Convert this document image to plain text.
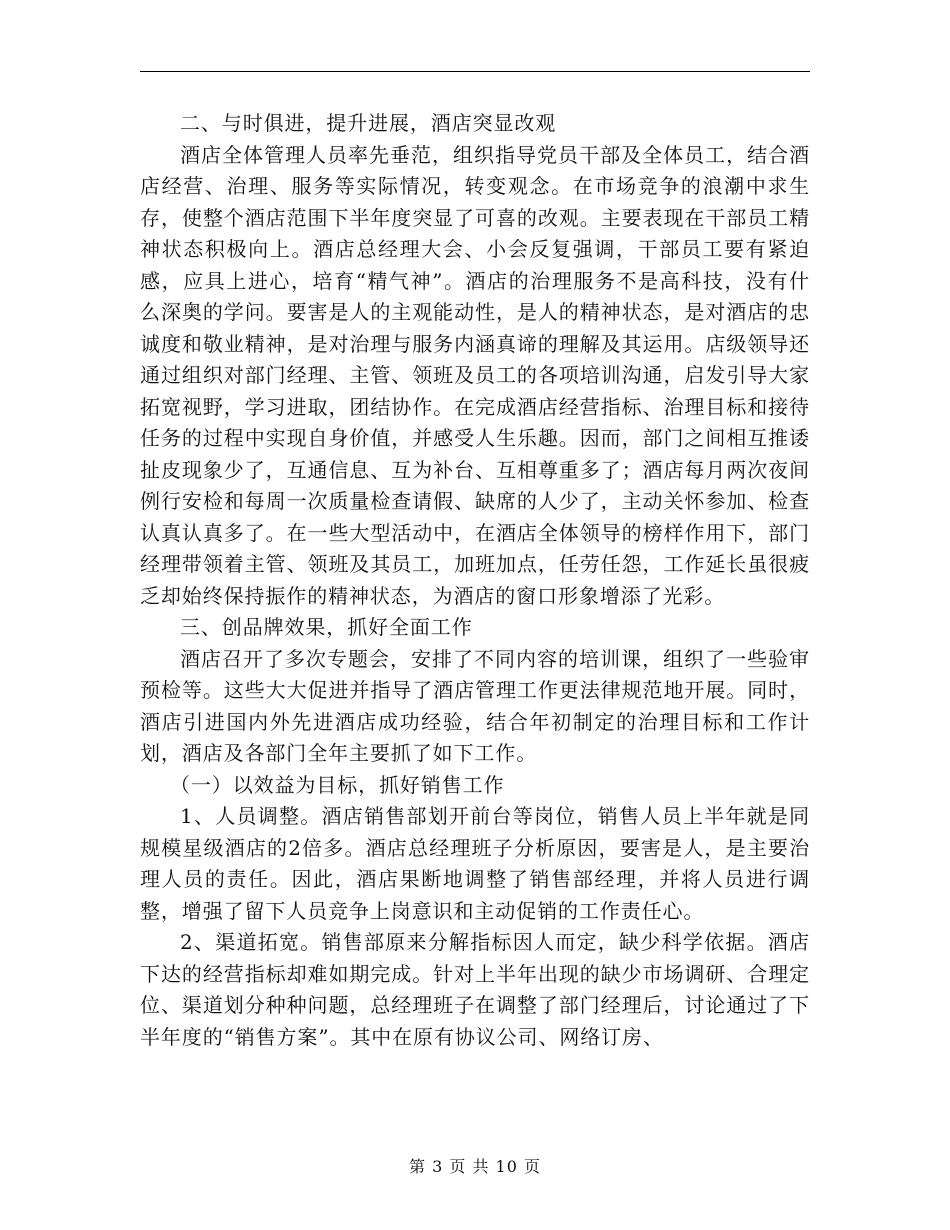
二、与时俱进，提升进展，酒店突显改观

酒店全体管理人员率先垂范，组织指导党员干部及全体员工，结合酒店经营、治理、服务等实际情况，转变观念。在市场竞争的浪潮中求生存，使整个酒店范围下半年度突显了可喜的改观。主要表现在干部员工精神状态积极向上。酒店总经理大会、小会反复强调，干部员工要有紧迫感，应具上进心，培育“精气神”。酒店的治理服务不是高科技，没有什么深奥的学问。要害是人的主观能动性，是人的精神状态，是对酒店的忠诚度和敬业精神，是对治理与服务内涵真谛的理解及其运用。店级领导还通过组织对部门经理、主管、领班及员工的各项培训沟通，启发引导大家拓宽视野，学习进取，团结协作。在完成酒店经营指标、治理目标和接待任务的过程中实现自身价值，并感受人生乐趣。因而，部门之间相互推诿扯皮现象少了，互通信息、互为补台、互相尊重多了；酒店每月两次夜间例行安检和每周一次质量检查请假、缺席的人少了，主动关怀参加、检查认真认真多了。在一些大型活动中，在酒店全体领导的榜样作用下，部门经理带领着主管、领班及其员工，加班加点，任劳任怨，工作延长虽很疲乏却始终保持振作的精神状态，为酒店的窗口形象增添了光彩。

三、创品牌效果，抓好全面工作

酒店召开了多次专题会，安排了不同内容的培训课，组织了一些验审预检等。这些大大促进并指导了酒店管理工作更法律规范地开展。同时，酒店引进国内外先进酒店成功经验，结合年初制定的治理目标和工作计划，酒店及各部门全年主要抓了如下工作。

（一）以效益为目标，抓好销售工作

1、人员调整。酒店销售部划开前台等岗位，销售人员上半年就是同规模星级酒店的2倍多。酒店总经理班子分析原因，要害是人，是主要治理人员的责任。因此，酒店果断地调整了销售部经理，并将人员进行调整，增强了留下人员竞争上岗意识和主动促销的工作责任心。

2、渠道拓宽。销售部原来分解指标因人而定，缺少科学依据。酒店下达的经营指标却难如期完成。针对上半年出现的缺少市场调研、合理定位、渠道划分种种问题，总经理班子在调整了部门经理后，讨论通过了下半年度的“销售方案”。其中在原有协议公司、网络订房、

第 3 页 共 10 页
